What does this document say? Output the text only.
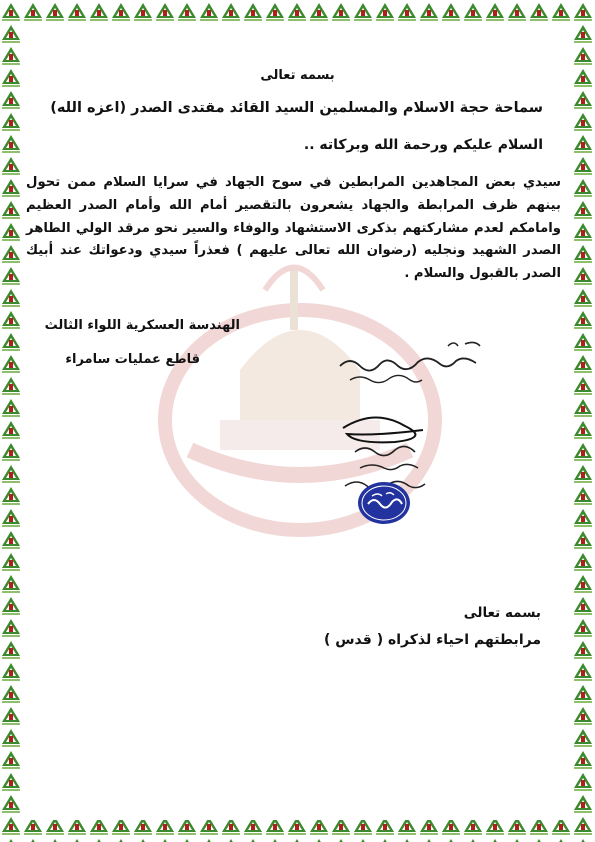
بسمه تعالى
سماحة حجة الاسلام والمسلمين السيد القائد مقتدى الصدر (اعزه الله)
السلام عليكم ورحمة الله وبركاته ..
سيدي بعض المجاهدين المرابطين في سوح الجهاد في سرايا السلام ممن تحول بينهم ظرف المرابطة والجهاد يشعرون بالتقصير أمام الله وأمام الصدر العظيم وامامكم لعدم مشاركتهم بذكرى الاستشهاد والوفاء والسير نحو مرقد الولي الطاهر الصدر الشهيد ونجليه (رضوان الله تعالى عليهم ) فعذراً سيدي ودعواتك عند أبيك الصدر بالقبول والسلام .
الهندسة العسكرية اللواء الثالث
قاطع عمليات سامراء
بسمه تعالى
مرابطتهم احياء لذكراه ( قدس )
